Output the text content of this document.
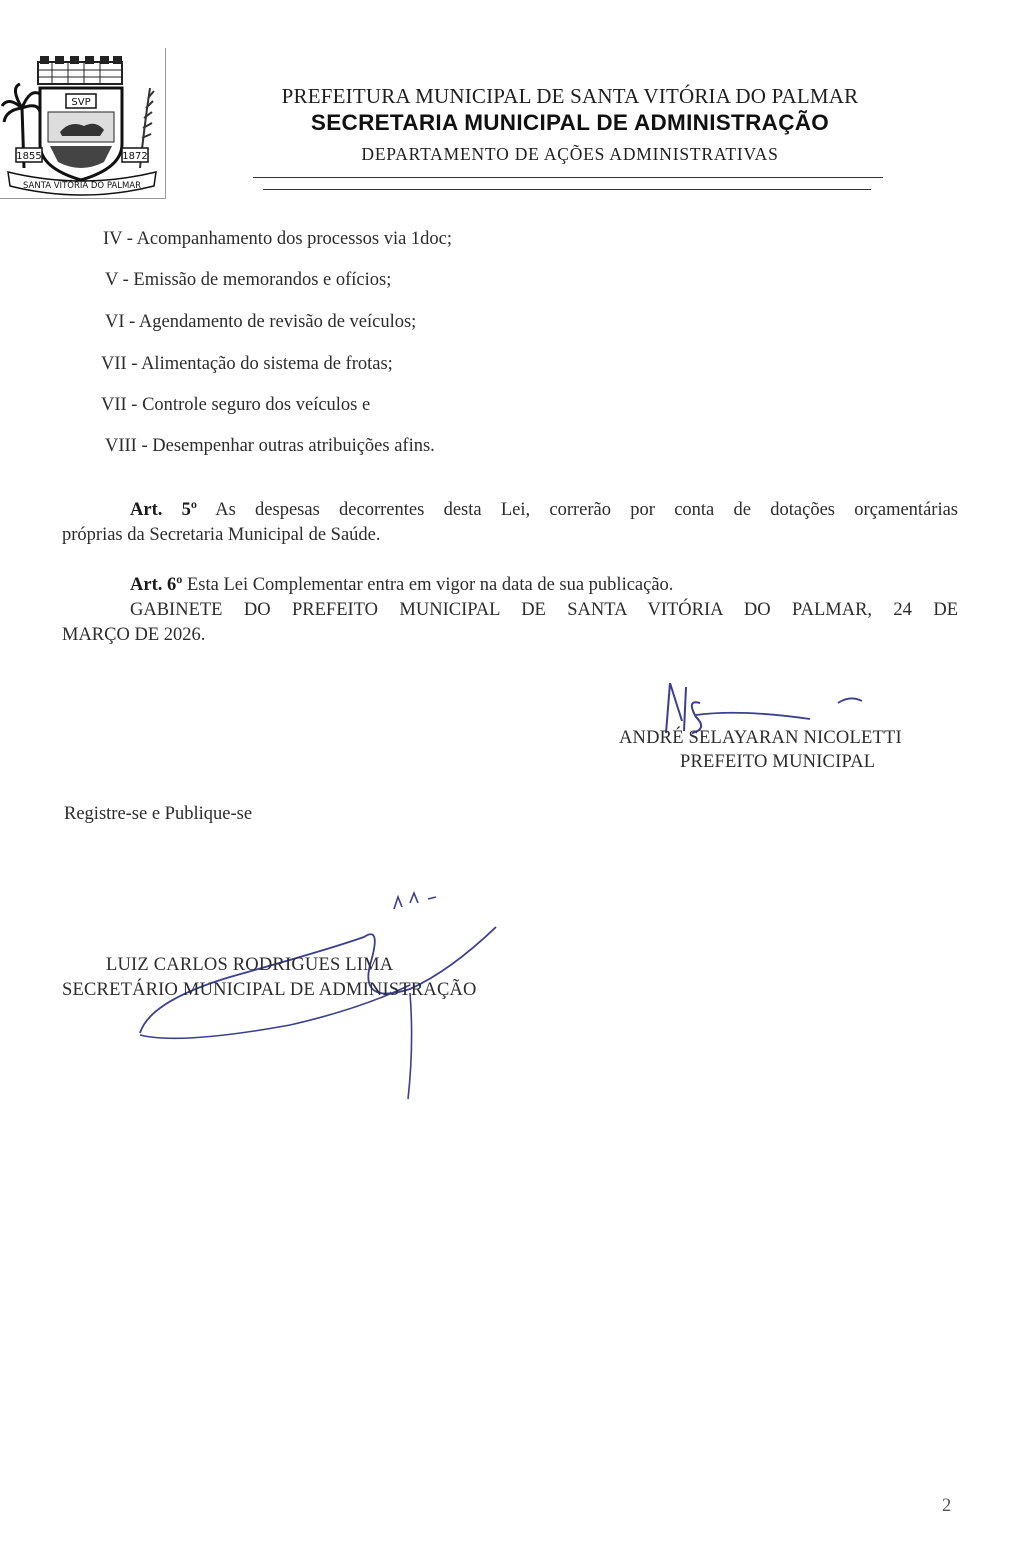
SVP
1855	1872
SANTA VITÓRIA DO PALMAR
PREFEITURA MUNICIPAL DE SANTA VITÓRIA DO PALMAR
SECRETARIA MUNICIPAL DE ADMINISTRAÇÃO
DEPARTAMENTO DE AÇÕES ADMINISTRATIVAS
IV - Acompanhamento dos processos via 1doc;
V - Emissão de memorandos e ofícios;
VI - Agendamento de revisão de veículos;
VII - Alimentação do sistema de frotas;
VII - Controle seguro dos veículos e
VIII - Desempenhar outras atribuições afins.
Art. 5º As despesas decorrentes desta Lei, correrão por conta de dotações orçamentárias
próprias da Secretaria Municipal de Saúde.
Art. 6º Esta Lei Complementar entra em vigor na data de sua publicação.
GABINETE DO PREFEITO MUNICIPAL DE SANTA VITÓRIA DO PALMAR, 24 DE
MARÇO DE 2026.
ANDRÉ SELAYARAN NICOLETTI
PREFEITO MUNICIPAL
Registre-se e Publique-se
LUIZ CARLOS RODRIGUES LIMA
SECRETÁRIO MUNICIPAL DE ADMINISTRAÇÃO
2
